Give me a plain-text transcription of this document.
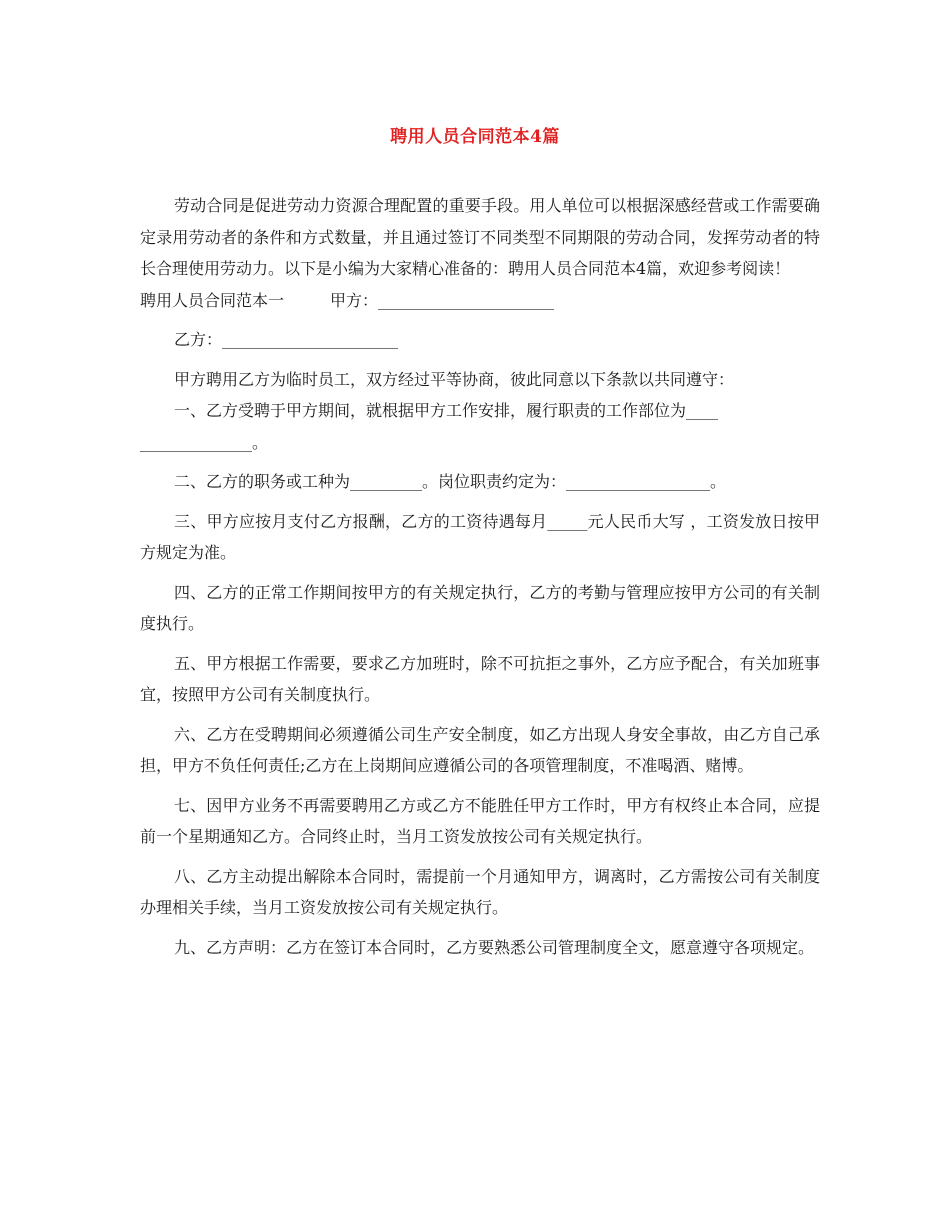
聘用人员合同范本4篇

劳动合同是促进劳动力资源合理配置的重要手段。用人单位可以根据深感经营或工作需要确定录用劳动者的条件和方式数量，并且通过签订不同类型不同期限的劳动合同，发挥劳动者的特长合理使用劳动力。以下是小编为大家精心准备的：聘用人员合同范本4篇，欢迎参考阅读！

聘用人员合同范本一	甲方：______________________

乙方：______________________

甲方聘用乙方为临时员工，双方经过平等协商，彼此同意以下条款以共同遵守：

一、乙方受聘于甲方期间，就根据甲方工作安排，履行职责的工作部位为____

______________。

二、乙方的职务或工种为_________。岗位职责约定为：__________________。

三、甲方应按月支付乙方报酬，乙方的工资待遇每月_____元人民币大写 ，工资发放日按甲方规定为准。

四、乙方的正常工作期间按甲方的有关规定执行，乙方的考勤与管理应按甲方公司的有关制度执行。

五、甲方根据工作需要，要求乙方加班时，除不可抗拒之事外，乙方应予配合，有关加班事宜，按照甲方公司有关制度执行。

六、乙方在受聘期间必须遵循公司生产安全制度，如乙方出现人身安全事故，由乙方自己承担，甲方不负任何责任;乙方在上岗期间应遵循公司的各项管理制度，不准喝酒、赌博。

七、因甲方业务不再需要聘用乙方或乙方不能胜任甲方工作时，甲方有权终止本合同，应提前一个星期通知乙方。合同终止时，当月工资发放按公司有关规定执行。

八、乙方主动提出解除本合同时，需提前一个月通知甲方，调离时，乙方需按公司有关制度办理相关手续，当月工资发放按公司有关规定执行。

九、乙方声明：乙方在签订本合同时，乙方要熟悉公司管理制度全文，愿意遵守各项规定。
